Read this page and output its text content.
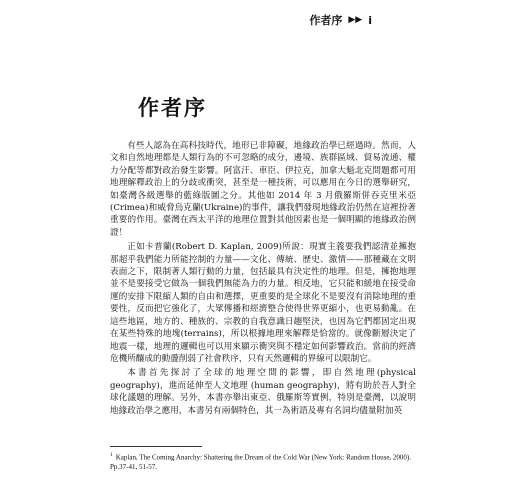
作者序 ▶▶ i
作者序

有些人認為在高科技時代，地形已非障礙，地緣政治學已經過時。然而，人文和自然地理都是人類行為的不可忽略的成分，邊境、族群區域、貿易流通、權力分配等都對政治發生影響。阿富汗、車臣、伊拉克，加拿大魁北克問題都可用地理解釋政治上的分歧或衝突，甚至是一種技術，可以應用在今日的選舉研究，如臺灣各級選舉的藍綠版圖之分。其他如 2014 年 3 月俄羅斯併吞克里米亞(Crimea)和威脅烏克蘭(Ukraine)的事件，讓我們發現地緣政治仍然在這裡扮著重要的作用。臺灣在西太平洋的地理位置對其他因素也是一個明顯的地緣政治例證！

正如卡普蘭(Robert D. Kaplan, 2009)所說：現實主義要我們認清並擁抱那超乎我們能力所能控制的力量——文化、傳統、歷史、激情——那種藏在文明表面之下，限制著人類行動的力量，包括最具有決定性的地理。但是，擁抱地理並不是要接受它做為一個我們無能為力的力量。相反地，它只能和緩地在接受命運的安排下限縮人類的自由和選擇，更重要的是全球化不是要沒有消除地理的重要性，反而把它強化了，大眾傳播和經濟整合使得世界更縮小，也更易動亂。在這些地區，地方的、種族的、宗教的自我意識日趨堅決，也因為它們都固定出現在某些特殊的地塊(terrains)，所以根據地理來解釋是恰當的。就像斷層決定了地震一樣，地理的邏輯也可以用來顯示衝突與不穩定如何影響政治。當前的經濟危機所釀成的動盪削弱了社會秩序，只有天然邏輯的界線可以限制它。

本書首先探討了全球的地理空間的影響，即自然地理(physical geography)，進而延伸至人文地理 (human geography)，將有助於吾人對全球化議題的理解。另外，本書亦舉出東亞、俄羅斯等實例，特別是臺灣，以說明地緣政治學之應用，本書另有兩個特色，其一為術語及專有名詞均儘量附加英

$^1$ Kaplan, The Coming Anarchy: Shattering the Dream of the Cold War (New York: Random House, 2000). Pp.37-41, 51-57.
